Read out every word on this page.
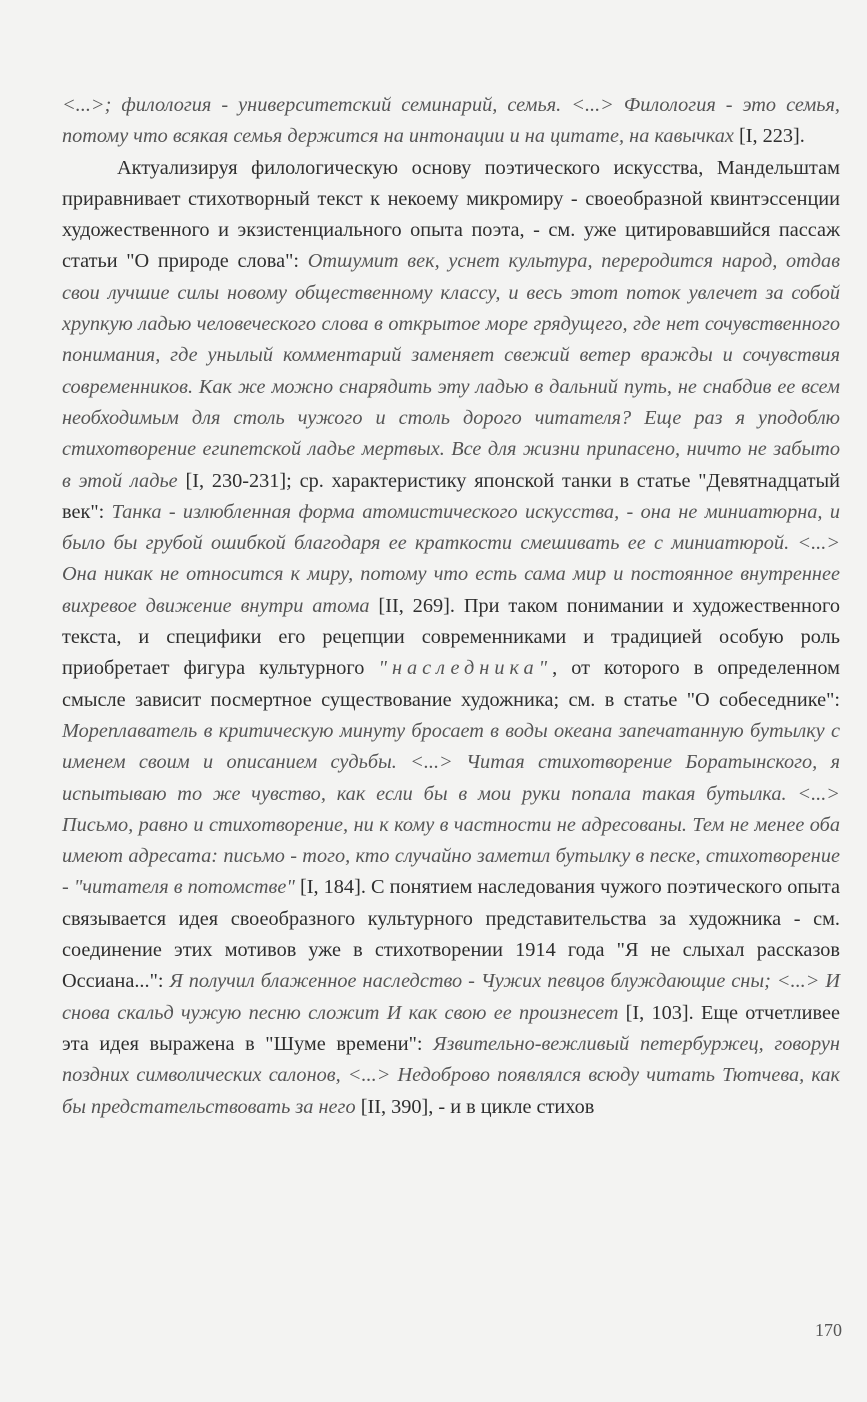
<...>; филология - университетский семинарий, семья. <...> Филология - это семья, потому что всякая семья держится на интонации и на цитате, на кавычках [I, 223].

Актуализируя филологическую основу поэтического искусства, Мандельштам приравнивает стихотворный текст к некоему микромиру - своеобразной квинтэссенции художественного и экзистенциального опыта поэта, - см. уже цитировавшийся пассаж статьи "О природе слова": Отшумит век, уснет культура, переродится народ, отдав свои лучшие силы новому общественному классу, и весь этот поток увлечет за собой хрупкую ладью человеческого слова в открытое море грядущего, где нет сочувственного понимания, где унылый комментарий заменяет свежий ветер вражды и сочувствия современников. Как же можно снарядить эту ладью в дальний путь, не снабдив ее всем необходимым для столь чужого и столь дорого читателя? Еще раз я уподоблю стихотворение египетской ладье мертвых. Все для жизни припасено, ничто не забыто в этой ладье [I, 230-231]; ср. характеристику японской танки в статье "Девятнадцатый век": Танка - излюбленная форма атомистического искусства, - она не миниатюрна, и было бы грубой ошибкой благодаря ее краткости смешивать ее с миниатюрой. <...> Она никак не относится к миру, потому что есть сама мир и постоянное внутреннее вихревое движение внутри атома [II, 269]. При таком понимании и художественного текста, и специфики его рецепции современниками и традицией особую роль приобретает фигура культурного "наследника", от которого в определенном смысле зависит посмертное существование художника; см. в статье "О собеседнике": Мореплаватель в критическую минуту бросает в воды океана запечатанную бутылку с именем своим и описанием судьбы. <...> Читая стихотворение Боратынского, я испытываю то же чувство, как если бы в мои руки попала такая бутылка. <...> Письмо, равно и стихотворение, ни к кому в частности не адресованы. Тем не менее оба имеют адресата: письмо - того, кто случайно заметил бутылку в песке, стихотворение - "читателя в потомстве" [I, 184]. С понятием наследования чужого поэтического опыта связывается идея своеобразного культурного представительства за художника - см. соединение этих мотивов уже в стихотворении 1914 года "Я не слыхал рассказов Оссиана...": Я получил блаженное наследство - Чужих певцов блуждающие сны; <...> И снова скальд чужую песню сложит И как свою ее произнесет [I, 103]. Еще отчетливее эта идея выражена в "Шуме времени": Язвительно-вежливый петербуржец, говорун поздних символических салонов, <...> Недоброво появлялся всюду читать Тютчева, как бы предстательствовать за него [II, 390], - и в цикле стихов

170
